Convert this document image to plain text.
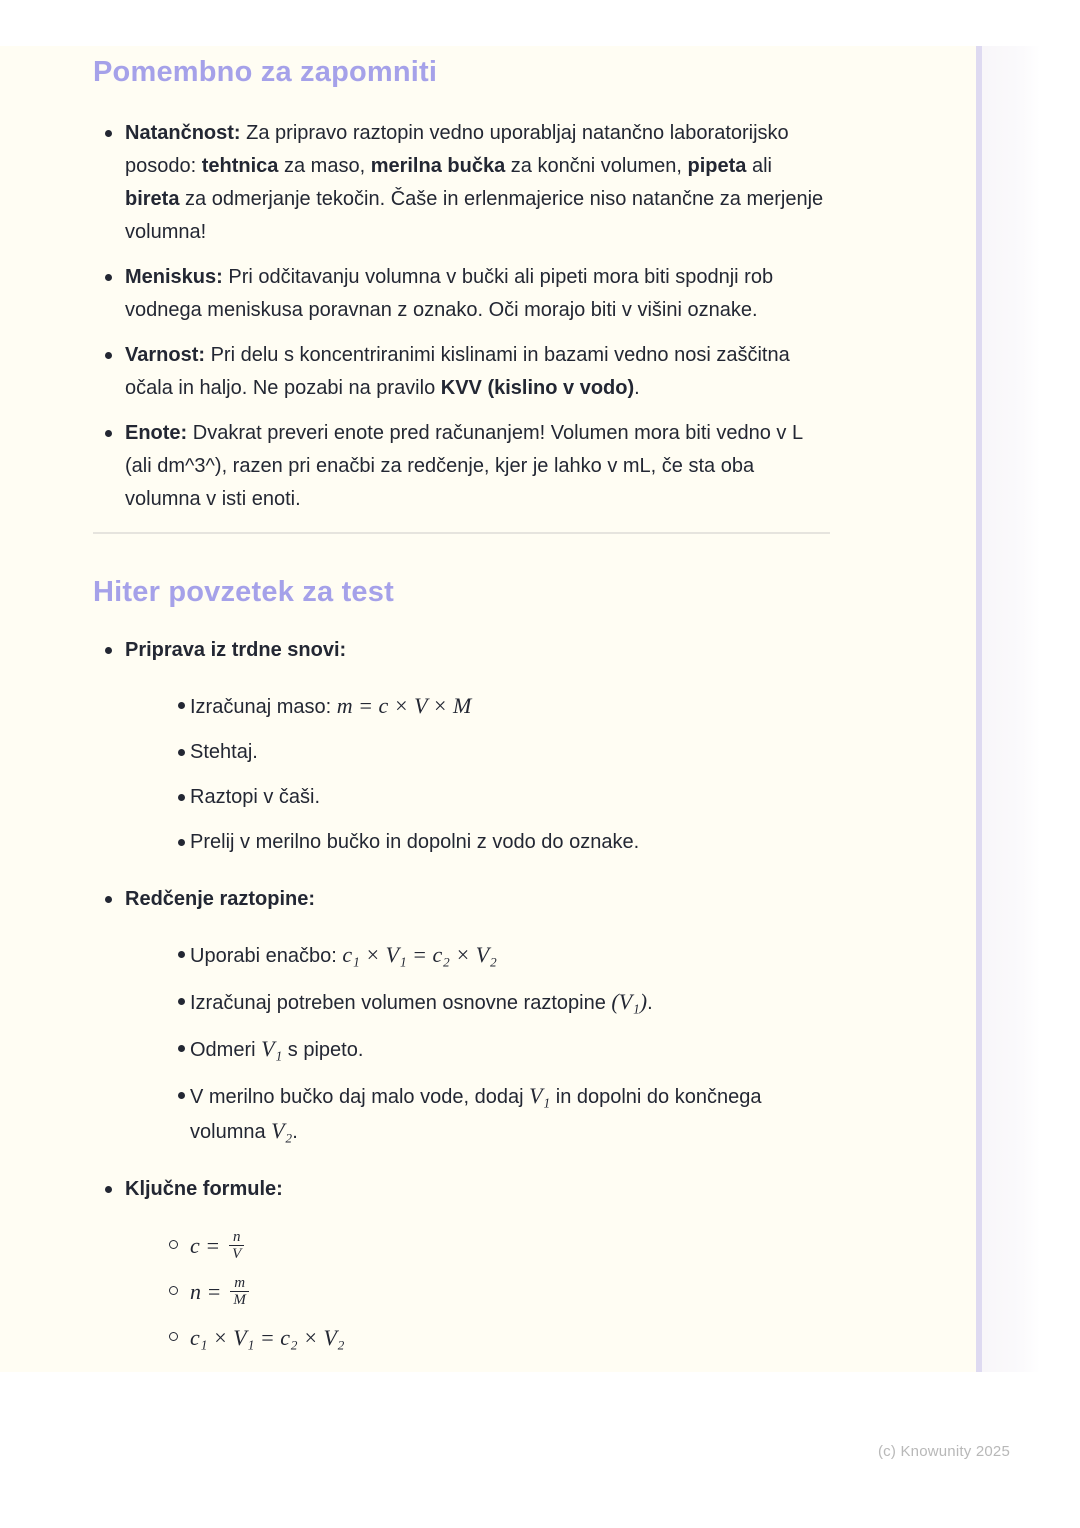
Pomembno za zapomniti

Natančnost: Za pripravo raztopin vedno uporabljaj natančno laboratorijsko posodo: tehtnica za maso, merilna bučka za končni volumen, pipeta ali bireta za odmerjanje tekočin. Čaše in erlenmajerice niso natančne za merjenje volumna!

Meniskus: Pri odčitavanju volumna v bučki ali pipeti mora biti spodnji rob vodnega meniskusa poravnan z oznako. Oči morajo biti v višini oznake.

Varnost: Pri delu s koncentriranimi kislinami in bazami vedno nosi zaščitna očala in haljo. Ne pozabi na pravilo KVV (kislino v vodo).

Enote: Dvakrat preveri enote pred računanjem! Volumen mora biti vedno v L (ali dm^3^), razen pri enačbi za redčenje, kjer je lahko v mL, če sta oba volumna v isti enoti.

Hiter povzetek za test

Priprava iz trdne snovi:

Izračunaj maso: m = c × V × M

Stehtaj.

Raztopi v čaši.

Prelij v merilno bučko in dopolni z vodo do oznake.

Redčenje raztopine:

Uporabi enačbo: c₁ × V₁ = c₂ × V₂

Izračunaj potreben volumen osnovne raztopine (V₁).

Odmeri V₁ s pipeto.

V merilno bučko daj malo vode, dodaj V₁ in dopolni do končnega volumna V₂.

Ključne formule:

$c = \frac{n}{V}$

$n = \frac{m}{M}$

c₁ × V₁ = c₂ × V₂

(c) Knowunity 2025
